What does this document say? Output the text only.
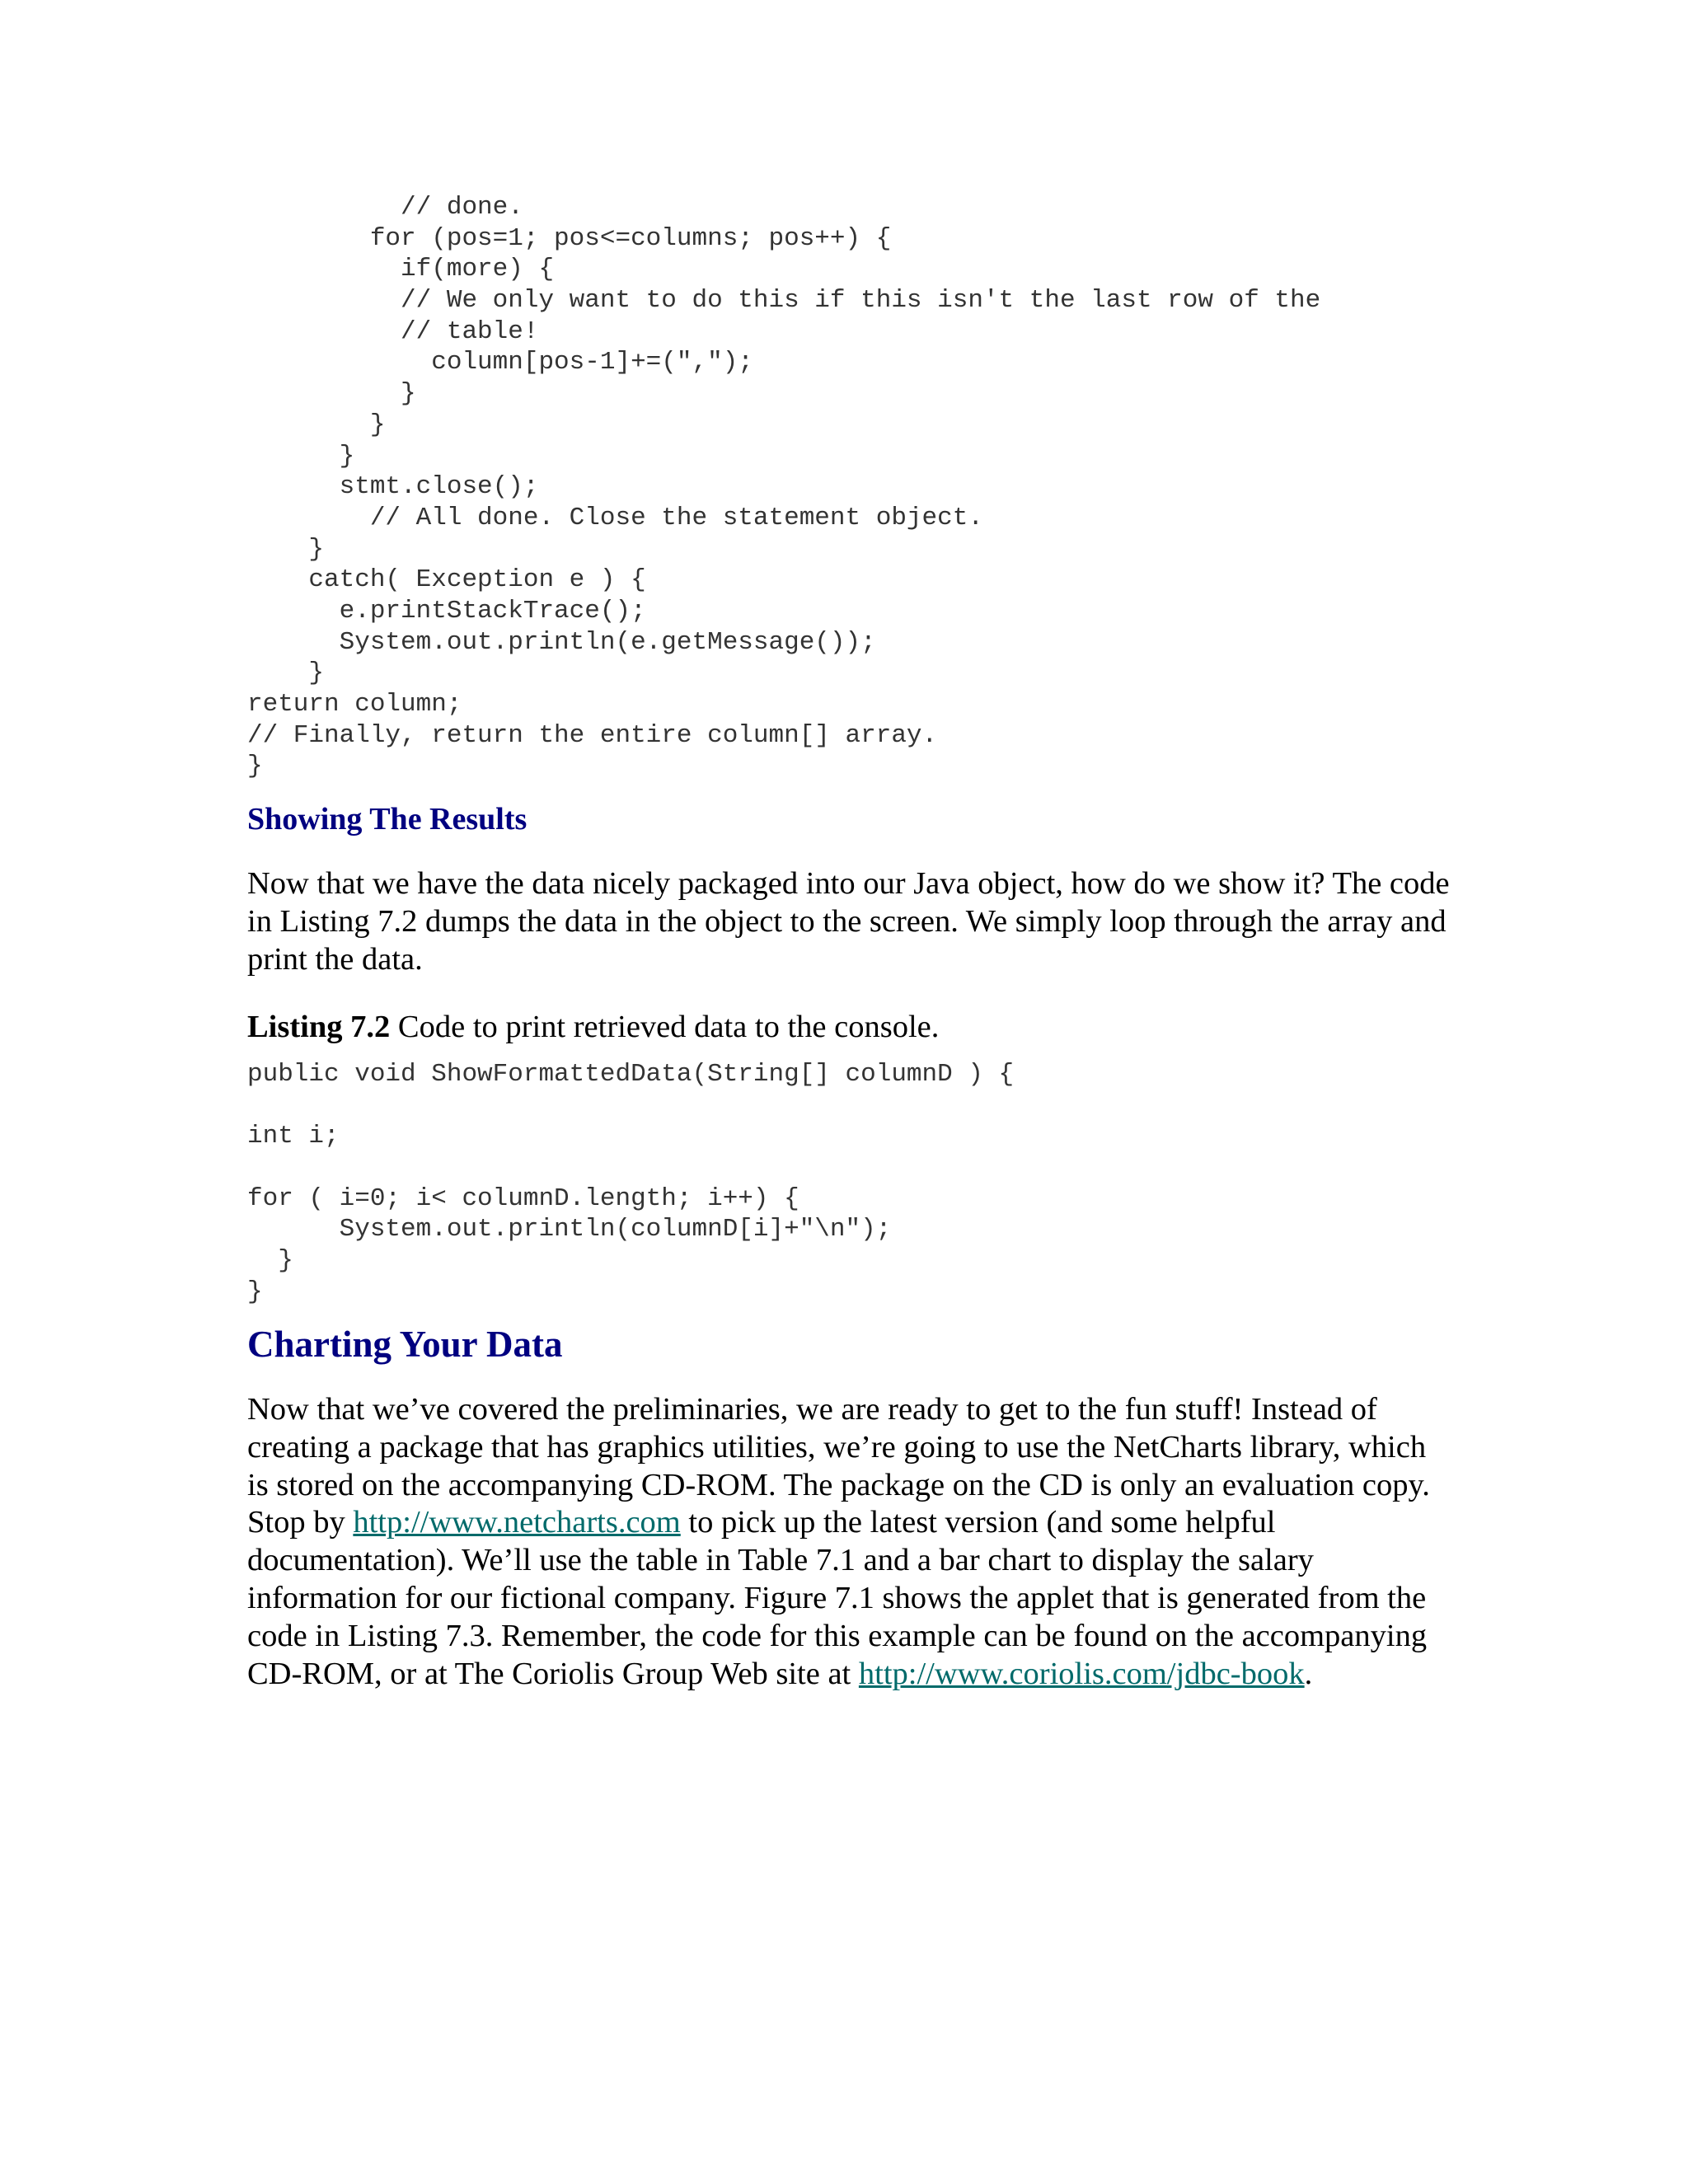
// done.
for (pos=1; pos<=columns; pos++) {
if(more) {
// We only want to do this if this isn't the last row of the
// table!
column[pos-1]+=(",");
}
}
}
stmt.close();
// All done. Close the statement object.
}
catch( Exception e ) {
e.printStackTrace();
System.out.println(e.getMessage());
}
return column;
// Finally, return the entire column[] array.
}
Showing The Results

Now that we have the data nicely packaged into our Java object, how do we show it? The code in Listing 7.2 dumps the data in the object to the screen. We simply loop through the array and print the data.

Listing 7.2 Code to print retrieved data to the console.

public void ShowFormattedData(String[] columnD ) {
int i;
for ( i=0; i< columnD.length; i++) {
System.out.println(columnD[i]+"\n");
}
}
Charting Your Data

Now that we’ve covered the preliminaries, we are ready to get to the fun stuff! Instead of creating a package that has graphics utilities, we’re going to use the NetCharts library, which is stored on the accompanying CD-ROM. The package on the CD is only an evaluation copy. Stop by http://www.netcharts.com to pick up the latest version (and some helpful documentation). We’ll use the table in Table 7.1 and a bar chart to display the salary information for our fictional company. Figure 7.1 shows the applet that is generated from the code in Listing 7.3. Remember, the code for this example can be found on the accompanying CD-ROM, or at The Coriolis Group Web site at http://www.coriolis.com/jdbc-book.
